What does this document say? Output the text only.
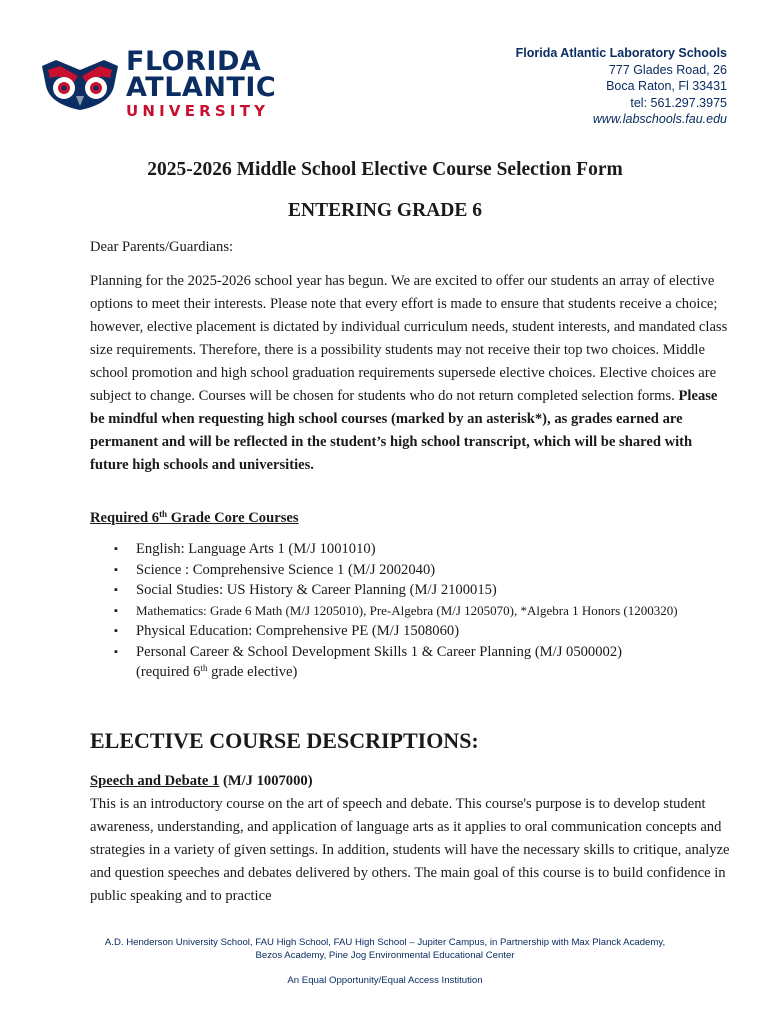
FLORIDA
ATLANTIC
UNIVERSITY
Florida Atlantic Laboratory Schools
777 Glades Road, 26
Boca Raton, Fl 33431
tel: 561.297.3975
www.labschools.fau.edu
2025-2026 Middle School Elective Course Selection Form
ENTERING GRADE 6
Dear Parents/Guardians:
Planning for the 2025-2026 school year has begun. We are excited to offer our students an array of elective options to meet their interests. Please note that every effort is made to ensure that students receive a choice; however, elective placement is dictated by individual curriculum needs, student interests, and mandated class size requirements. Therefore, there is a possibility students may not receive their top two choices. Middle school promotion and high school graduation requirements supersede elective choices. Elective choices are subject to change. Courses will be chosen for students who do not return completed selection forms. Please be mindful when requesting high school courses (marked by an asterisk*), as grades earned are permanent and will be reflected in the student’s high school transcript, which will be shared with future high schools and universities.
Required 6th Grade Core Courses
▪ English: Language Arts 1 (M/J 1001010)
▪ Science : Comprehensive Science 1 (M/J 2002040)
▪ Social Studies: US History & Career Planning (M/J 2100015)
▪ Mathematics: Grade 6 Math (M/J 1205010), Pre-Algebra (M/J 1205070), *Algebra 1 Honors (1200320)
▪ Physical Education: Comprehensive PE (M/J 1508060)
▪ Personal Career & School Development Skills 1 & Career Planning (M/J 0500002)
(required 6th grade elective)
ELECTIVE COURSE DESCRIPTIONS:
Speech and Debate 1 (M/J 1007000)
This is an introductory course on the art of speech and debate. This course's purpose is to develop student awareness, understanding, and application of language arts as it applies to oral communication concepts and strategies in a variety of given settings. In addition, students will have the necessary skills to critique, analyze and question speeches and debates delivered by others. The main goal of this course is to build confidence in public speaking and to practice
A.D. Henderson University School, FAU High School, FAU High School – Jupiter Campus, in Partnership with Max Planck Academy,
Bezos Academy, Pine Jog Environmental Educational Center
An Equal Opportunity/Equal Access Institution
